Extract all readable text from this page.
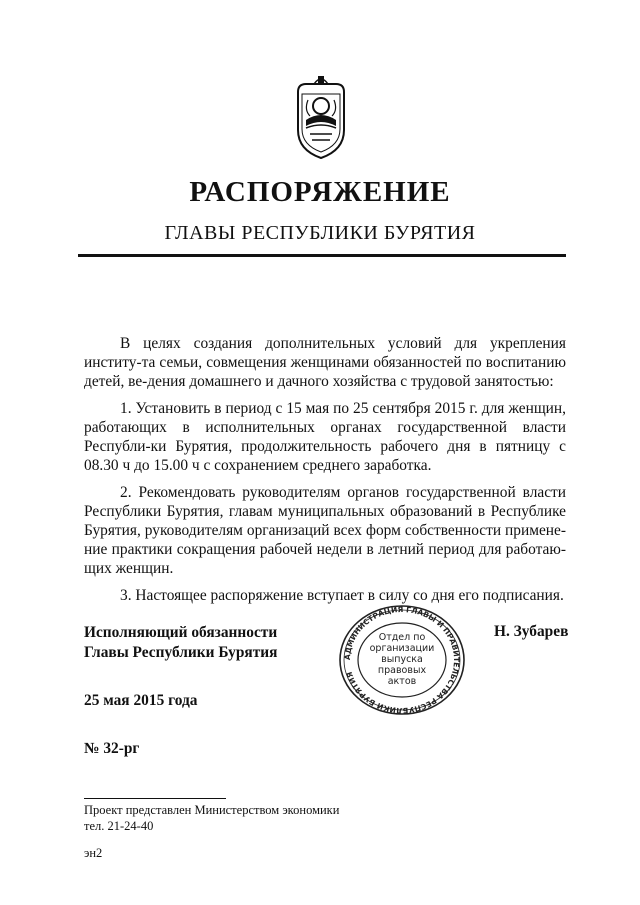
РАСПОРЯЖЕНИЕ
ГЛАВЫ РЕСПУБЛИКИ БУРЯТИЯ

В целях создания дополнительных условий для укрепления институ-та семьи, совмещения женщинами обязанностей по воспитанию детей, ве-дения домашнего и дачного хозяйства с трудовой занятостью:

1. Установить в период с 15 мая по 25 сентября 2015 г. для женщин, работающих в исполнительных органах государственной власти Республи-ки Бурятия, продолжительность рабочего дня в пятницу с 08.30 ч до 15.00 ч с сохранением среднего заработка.

2. Рекомендовать руководителям органов государственной власти Республики Бурятия, главам муниципальных образований в Республике Бурятия, руководителям организаций всех форм собственности примене-ние практики сокращения рабочей недели в летний период для работаю-щих женщин.

3. Настоящее распоряжение вступает в силу со дня его подписания.

Исполняющий обязанности
Главы Республики Бурятия
Н. Зубарев
АДМИНИСТРАЦИЯ ГЛАВЫ И ПРАВИТЕЛЬСТВА РЕСПУБЛИКИ БУРЯТИЯ
Отдел по
организации
выпуска
правовых
актов
25 мая 2015 года
№ 32-рг
Проект представлен Министерством экономики
тел. 21-24-40
эн2
